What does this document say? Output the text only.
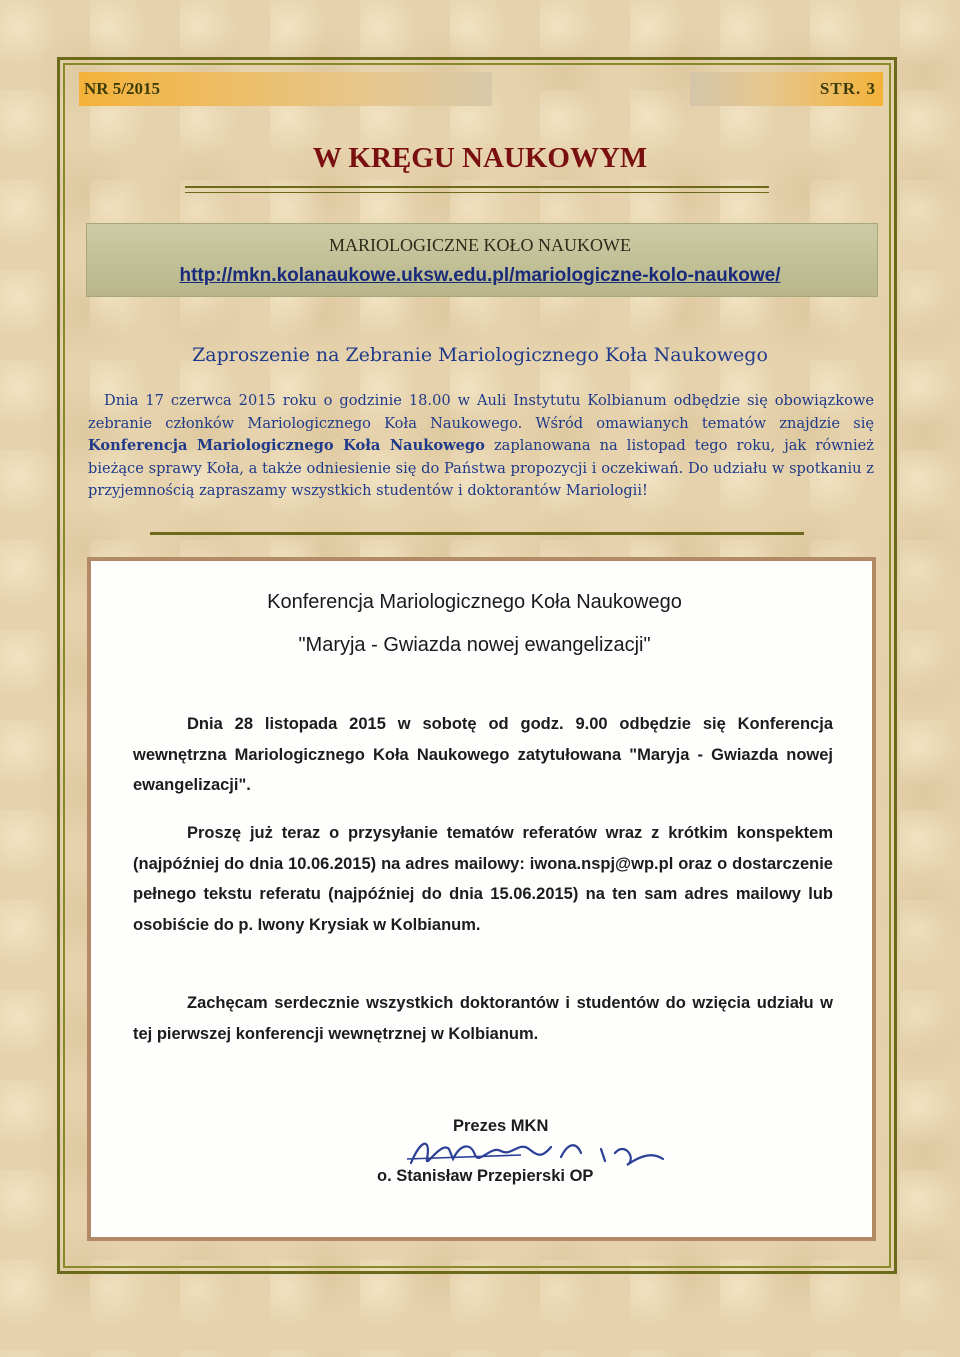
NR 5/2015	STR. 3
W KRĘGU NAUKOWYM
MARIOLOGICZNE KOŁO NAUKOWE
http://mkn.kolanaukowe.uksw.edu.pl/mariologiczne-kolo-naukowe/
Zaproszenie na Zebranie Mariologicznego Koła Naukowego

Dnia 17 czerwca 2015 roku o godzinie 18.00 w Auli Instytutu Kolbianum odbędzie się obowiązkowe zebranie członków Mariologicznego Koła Naukowego. Wśród omawianych tematów znajdzie się Konferencja Mariologicznego Koła Naukowego zaplanowana na listopad tego roku, jak również bieżące sprawy Koła, a także odniesienie się do Państwa propozycji i oczekiwań. Do udziału w spotkaniu z przyjemnością zapraszamy wszystkich studentów i doktorantów Mariologii!

Konferencja Mariologicznego Koła Naukowego
"Maryja - Gwiazda nowej ewangelizacji"

Dnia 28 listopada 2015 w sobotę od godz. 9.00 odbędzie się Konferencja wewnętrzna Mariologicznego Koła Naukowego zatytułowana "Maryja - Gwiazda nowej ewangelizacji".

Proszę już teraz o przysyłanie tematów referatów wraz z krótkim konspektem (najpóźniej do dnia 10.06.2015) na adres mailowy: iwona.nspj@wp.pl oraz o dostarczenie pełnego tekstu referatu (najpóźniej do dnia 15.06.2015) na ten sam adres mailowy lub osobiście do p. Iwony Krysiak w Kolbianum.

Zachęcam serdecznie wszystkich doktorantów i studentów do wzięcia udziału w tej pierwszej konferencji wewnętrznej w Kolbianum.

Prezes MKN
o. Stanisław Przepierski OP
